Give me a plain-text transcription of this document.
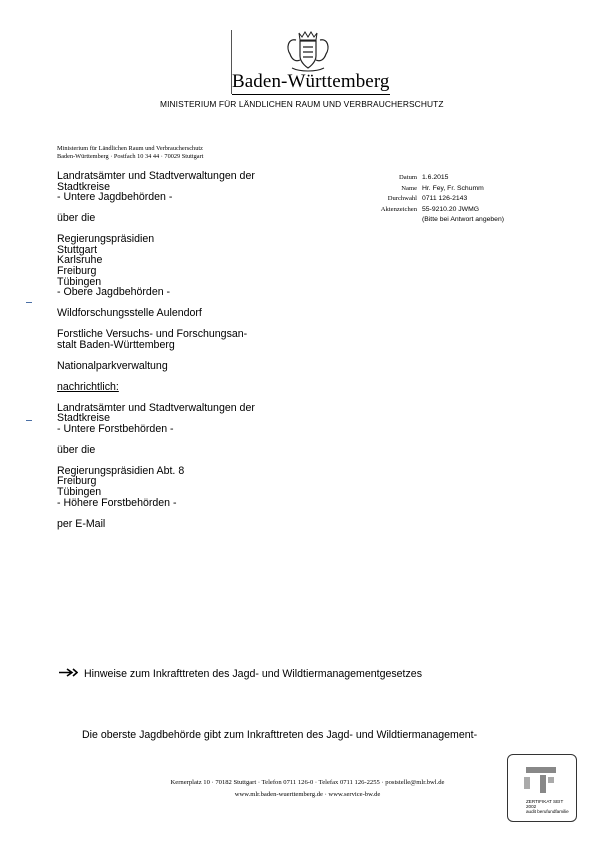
Baden-Württemberg
MINISTERIUM FÜR LÄNDLICHEN RAUM UND VERBRAUCHERSCHUTZ
Ministerium für Ländlichen Raum und Verbraucherschutz
Baden-Württemberg · Postfach 10 34 44 · 70029 Stuttgart
Landratsämter und Stadtverwaltungen der
Stadtkreise
- Untere Jagdbehörden -
über die
Regierungspräsidien
Stuttgart
Karlsruhe
Freiburg
Tübingen
- Obere Jagdbehörden -
Wildforschungsstelle Aulendorf
Forstliche Versuchs- und Forschungsan-
stalt Baden-Württemberg
Nationalparkverwaltung
nachrichtlich:
Landratsämter und Stadtverwaltungen der
Stadtkreise
- Untere Forstbehörden -
über die
Regierungspräsidien Abt. 8
Freiburg
Tübingen
- Höhere Forstbehörden -
per E-Mail
Datum 1.6.2015
Name Hr. Fey, Fr. Schumm
Durchwahl 0711 126-2143
Aktenzeichen 55-9210.20 JWMG
(Bitte bei Antwort angeben)
Hinweise zum Inkrafttreten des Jagd- und Wildtiermanagementgesetzes
Die oberste Jagdbehörde gibt zum Inkrafttreten des Jagd- und Wildtiermanagement-
Kernerplatz 10 · 70182 Stuttgart · Telefon 0711 126-0 · Telefax 0711 126-2255 · poststelle@mlr.bwl.de
www.mlr.baden-wuerttemberg.de · www.service-bw.de
ZERTIFIKAT SEIT 2002
audit berufundfamilie
